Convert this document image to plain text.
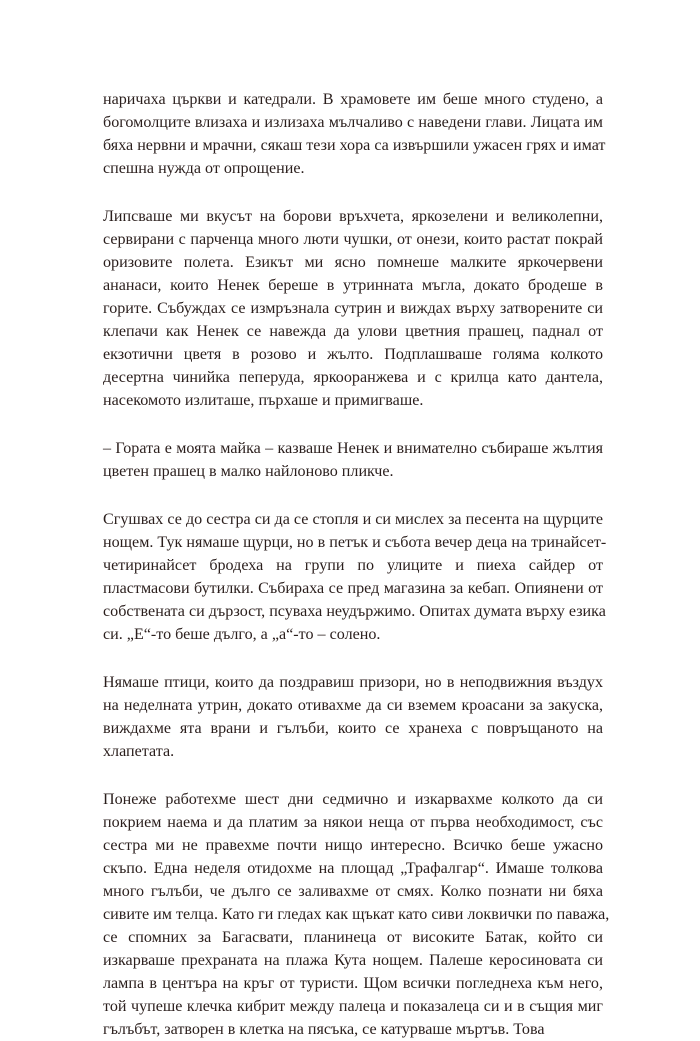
наричаха църкви и катедрали. В храмовете им беше много студено, а
богомолците влизаха и излизаха мълчаливо с наведени глави. Лицата им
бяха нервни и мрачни, сякаш тези хора са извършили ужасен грях и имат
спешна нужда от опрощение.
Липсваше ми вкусът на борови връхчета, яркозелени и великолепни,
сервирани с парченца много люти чушки, от онези, които растат покрай
оризовите полета. Езикът ми ясно помнеше малките яркочервени
ананаси, които Ненек береше в утринната мъгла, докато бродеше в
горите. Събуждах се измръзнала сутрин и виждах върху затворените си
клепачи как Ненек се навежда да улови цветния прашец, паднал от
екзотични цветя в розово и жълто. Подплашваше голяма колкото
десертна чинийка пеперуда, яркооранжева и с крилца като дантела,
насекомото излиташе, пърхаше и примигваше.
– Гората е моята майка – казваше Ненек и внимателно събираше жълтия
цветен прашец в малко найлоново пликче.
Сгушвах се до сестра си да се стопля и си мислех за песента на щурците
нощем. Тук нямаше щурци, но в петък и събота вечер деца на тринайсет-
четиринайсет бродеха на групи по улиците и пиеха сайдер от
пластмасови бутилки. Събираха се пред магазина за кебап. Опиянени от
собствената си дързост, псуваха неудържимо. Опитах думата върху езика
си. „Е“-то беше дълго, а „а“-то – солено.
Нямаше птици, които да поздравиш призори, но в неподвижния въздух
на неделната утрин, докато отивахме да си вземем кроасани за закуска,
виждахме ята врани и гълъби, които се хранеха с повръщаното на
хлапетата.
Понеже работехме шест дни седмично и изкарвахме колкото да си
покрием наема и да платим за някои неща от първа необходимост, със
сестра ми не правехме почти нищо интересно. Всичко беше ужасно
скъпо. Една неделя отидохме на площад „Трафалгар“. Имаше толкова
много гълъби, че дълго се заливахме от смях. Колко познати ни бяха
сивите им телца. Като ги гледах как щъкат като сиви локвички по паважа,
се спомних за Багасвати, планинеца от високите Батак, който си
изкарваше прехраната на плажа Кута нощем. Палеше керосиновата си
лампа в центъра на кръг от туристи. Щом всички погледнеха към него,
той чупеше клечка кибрит между палеца и показалеца си и в същия миг
гълъбът, затворен в клетка на пясъка, се катурваше мъртъв. Това
